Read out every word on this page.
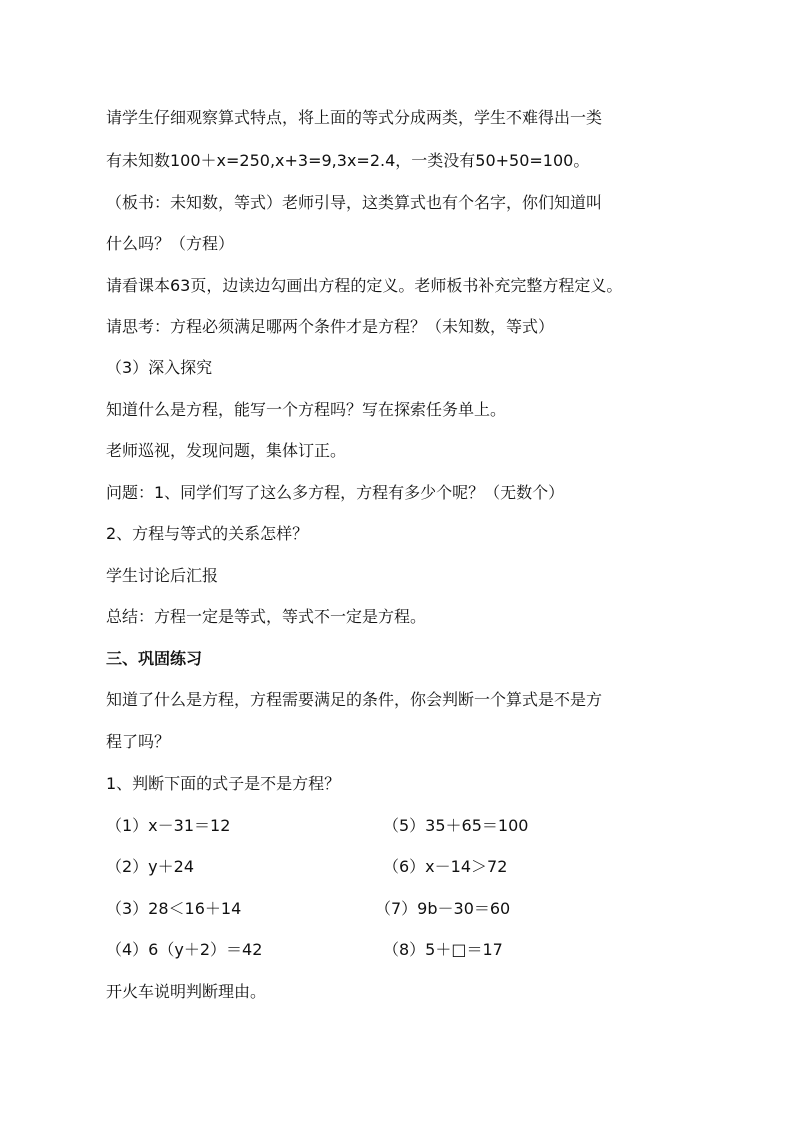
请学生仔细观察算式特点，将上面的等式分成两类，学生不难得出一类
有未知数100＋x=250,x+3=9,3x=2.4，一类没有50+50=100。
（板书：未知数，等式）老师引导，这类算式也有个名字，你们知道叫
什么吗？（方程）
请看课本63页，边读边勾画出方程的定义。老师板书补充完整方程定义。
请思考：方程必须满足哪两个条件才是方程？（未知数，等式）
（3）深入探究
知道什么是方程，能写一个方程吗？写在探索任务单上。
老师巡视，发现问题，集体订正。
问题：1、同学们写了这么多方程，方程有多少个呢？（无数个）
2、方程与等式的关系怎样？
学生讨论后汇报
总结：方程一定是等式，等式不一定是方程。
三、巩固练习
知道了什么是方程，方程需要满足的条件，你会判断一个算式是不是方
程了吗？
1、判断下面的式子是不是方程？
（1）x－31＝12	（5）35＋65＝100
（2）y＋24	（6）x－14＞72
（3）28＜16＋14	（7）9b－30＝60
（4）6（y＋2）＝42	（8）5＋□＝17
开火车说明判断理由。
